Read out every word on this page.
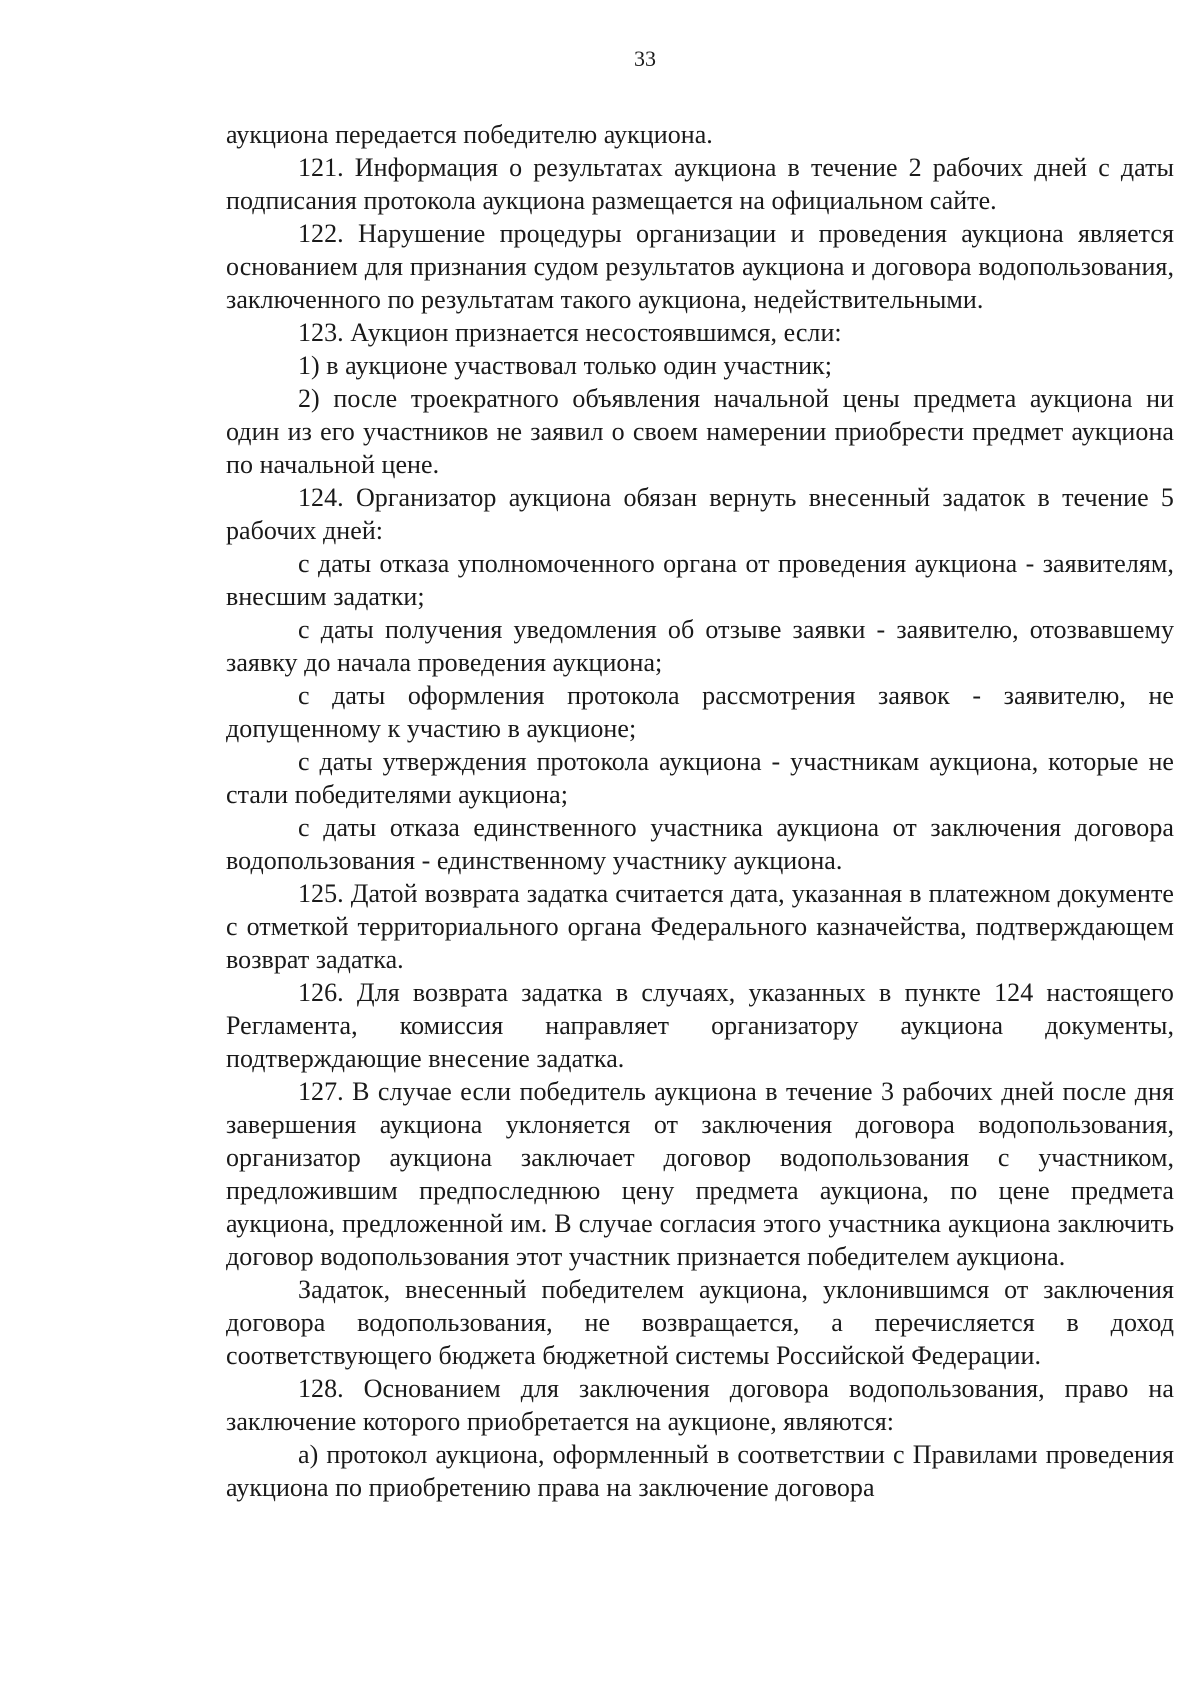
33

аукциона передается победителю аукциона.

121. Информация о результатах аукциона в течение 2 рабочих дней с даты подписания протокола аукциона размещается на официальном сайте.

122. Нарушение процедуры организации и проведения аукциона является основанием для признания судом результатов аукциона и договора водопользования, заключенного по результатам такого аукциона, недействительными.

123. Аукцион признается несостоявшимся, если:

1) в аукционе участвовал только один участник;

2) после троекратного объявления начальной цены предмета аукциона ни один из его участников не заявил о своем намерении приобрести предмет аукциона по начальной цене.

124. Организатор аукциона обязан вернуть внесенный задаток в течение 5 рабочих дней:

с даты отказа уполномоченного органа от проведения аукциона - заявителям, внесшим задатки;

с даты получения уведомления об отзыве заявки - заявителю, отозвавшему заявку до начала проведения аукциона;

с даты оформления протокола рассмотрения заявок - заявителю, не допущенному к участию в аукционе;

с даты утверждения протокола аукциона - участникам аукциона, которые не стали победителями аукциона;

с даты отказа единственного участника аукциона от заключения договора водопользования - единственному участнику аукциона.

125. Датой возврата задатка считается дата, указанная в платежном документе с отметкой территориального органа Федерального казначейства, подтверждающем возврат задатка.

126. Для возврата задатка в случаях, указанных в пункте 124 настоящего Регламента, комиссия направляет организатору аукциона документы, подтверждающие внесение задатка.

127. В случае если победитель аукциона в течение 3 рабочих дней после дня завершения аукциона уклоняется от заключения договора водопользования, организатор аукциона заключает договор водопользования с участником, предложившим предпоследнюю цену предмета аукциона, по цене предмета аукциона, предложенной им. В случае согласия этого участника аукциона заключить договор водопользования этот участник признается победителем аукциона.

Задаток, внесенный победителем аукциона, уклонившимся от заключения договора водопользования, не возвращается, а перечисляется в доход соответствующего бюджета бюджетной системы Российской Федерации.

128. Основанием для заключения договора водопользования, право на заключение которого приобретается на аукционе, являются:

а) протокол аукциона, оформленный в соответствии с Правилами проведения аукциона по приобретению права на заключение договора
